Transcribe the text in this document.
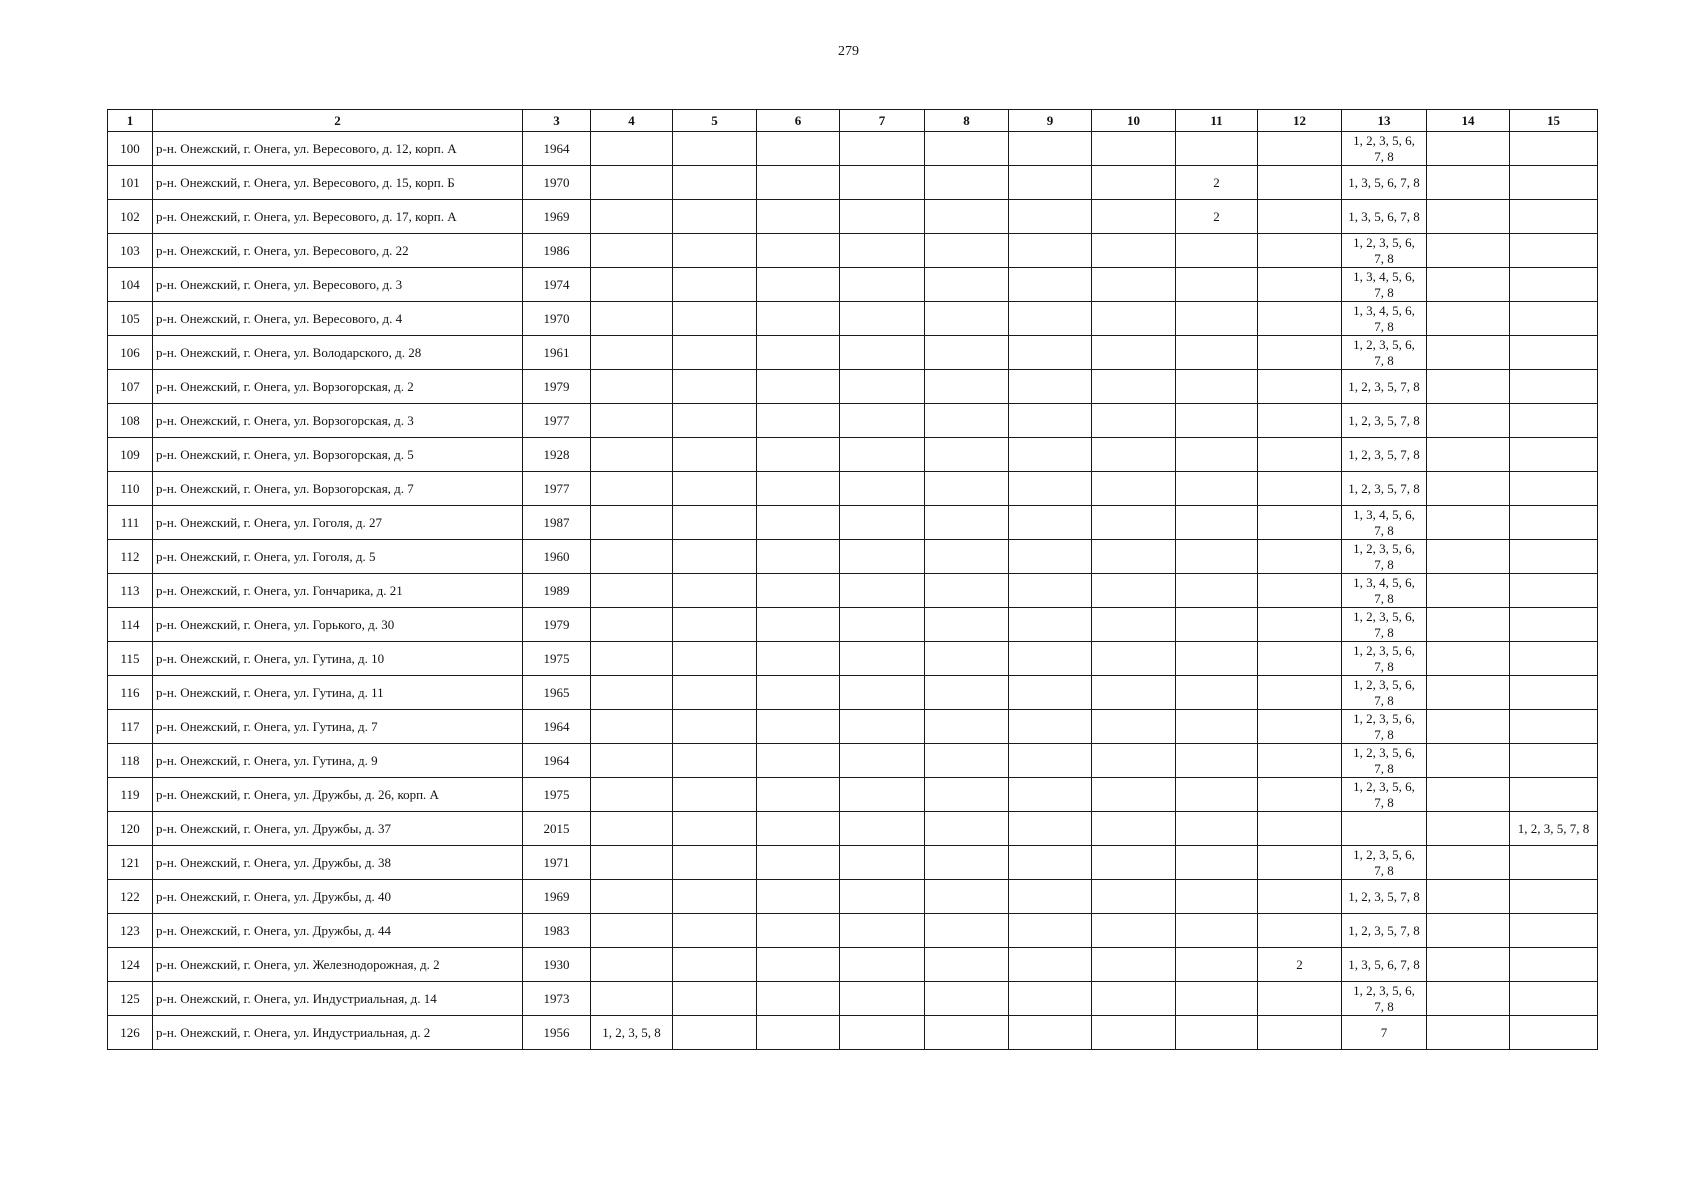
279
1	2	3	4	5	6	7	8	9	10	11	12	13	14	15
100	р-н. Онежский, г. Онега, ул. Вересового, д. 12, корп. А	1964										1, 2, 3, 5, 6, 7, 8		
101	р-н. Онежский, г. Онега, ул. Вересового, д. 15, корп. Б	1970								2		1, 3, 5, 6, 7, 8		
102	р-н. Онежский, г. Онега, ул. Вересового, д. 17, корп. А	1969								2		1, 3, 5, 6, 7, 8		
103	р-н. Онежский, г. Онега, ул. Вересового, д. 22	1986										1, 2, 3, 5, 6, 7, 8		
104	р-н. Онежский, г. Онега, ул. Вересового, д. 3	1974										1, 3, 4, 5, 6, 7, 8		
105	р-н. Онежский, г. Онега, ул. Вересового, д. 4	1970										1, 3, 4, 5, 6, 7, 8		
106	р-н. Онежский, г. Онега, ул. Володарского, д. 28	1961										1, 2, 3, 5, 6, 7, 8		
107	р-н. Онежский, г. Онега, ул. Ворзогорская, д. 2	1979										1, 2, 3, 5, 7, 8		
108	р-н. Онежский, г. Онега, ул. Ворзогорская, д. 3	1977										1, 2, 3, 5, 7, 8		
109	р-н. Онежский, г. Онега, ул. Ворзогорская, д. 5	1928										1, 2, 3, 5, 7, 8		
110	р-н. Онежский, г. Онега, ул. Ворзогорская, д. 7	1977										1, 2, 3, 5, 7, 8		
111	р-н. Онежский, г. Онега, ул. Гоголя, д. 27	1987										1, 3, 4, 5, 6, 7, 8		
112	р-н. Онежский, г. Онега, ул. Гоголя, д. 5	1960										1, 2, 3, 5, 6, 7, 8		
113	р-н. Онежский, г. Онега, ул. Гончарика, д. 21	1989										1, 3, 4, 5, 6, 7, 8		
114	р-н. Онежский, г. Онега, ул. Горького, д. 30	1979										1, 2, 3, 5, 6, 7, 8		
115	р-н. Онежский, г. Онега, ул. Гутина, д. 10	1975										1, 2, 3, 5, 6, 7, 8		
116	р-н. Онежский, г. Онега, ул. Гутина, д. 11	1965										1, 2, 3, 5, 6, 7, 8		
117	р-н. Онежский, г. Онега, ул. Гутина, д. 7	1964										1, 2, 3, 5, 6, 7, 8		
118	р-н. Онежский, г. Онега, ул. Гутина, д. 9	1964										1, 2, 3, 5, 6, 7, 8		
119	р-н. Онежский, г. Онега, ул. Дружбы, д. 26, корп. А	1975										1, 2, 3, 5, 6, 7, 8		
120	р-н. Онежский, г. Онега, ул. Дружбы, д. 37	2015												1, 2, 3, 5, 7, 8
121	р-н. Онежский, г. Онега, ул. Дружбы, д. 38	1971										1, 2, 3, 5, 6, 7, 8		
122	р-н. Онежский, г. Онега, ул. Дружбы, д. 40	1969										1, 2, 3, 5, 7, 8		
123	р-н. Онежский, г. Онега, ул. Дружбы, д. 44	1983										1, 2, 3, 5, 7, 8		
124	р-н. Онежский, г. Онега, ул. Железнодорожная, д. 2	1930									2	1, 3, 5, 6, 7, 8		
125	р-н. Онежский, г. Онега, ул. Индустриальная, д. 14	1973										1, 2, 3, 5, 6, 7, 8		
126	р-н. Онежский, г. Онега, ул. Индустриальная, д. 2	1956	1, 2, 3, 5, 8									7		
